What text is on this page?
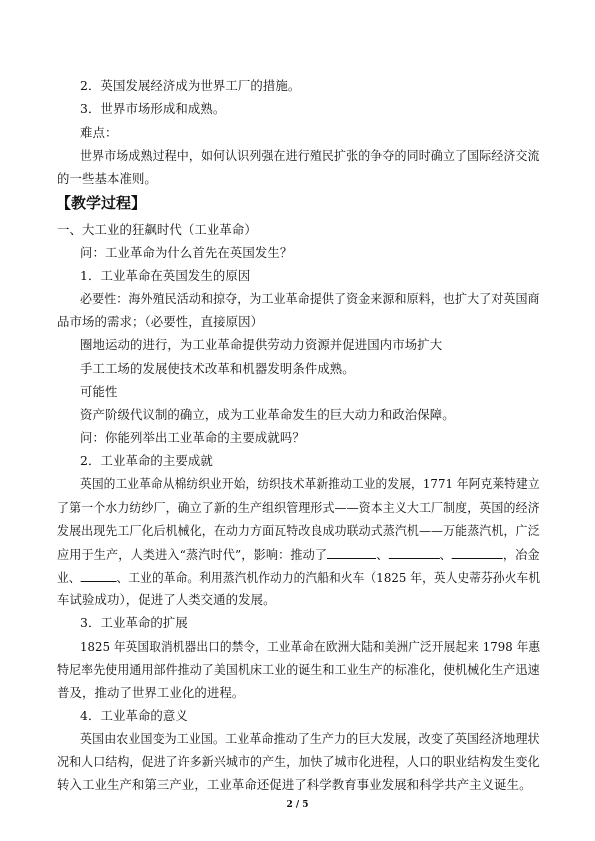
2．英国发展经济成为世界工厂的措施。
3．世界市场形成和成熟。
难点：
世界市场成熟过程中，如何认识列强在进行殖民扩张的争夺的同时确立了国际经济交流
的一些基本准则。
【教学过程】
一、大工业的狂飙时代（工业革命）
问：工业革命为什么首先在英国发生？
1．工业革命在英国发生的原因
必要性：海外殖民活动和掠夺，为工业革命提供了资金来源和原料，也扩大了对英国商
品市场的需求；（必要性，直接原因）
圈地运动的进行，为工业革命提供劳动力资源并促进国内市场扩大
手工工场的发展使技术改革和机器发明条件成熟。
可能性
资产阶级代议制的确立，成为工业革命发生的巨大动力和政治保障。
问：你能列举出工业革命的主要成就吗？
2．工业革命的主要成就
英国的工业革命从棉纺织业开始，纺织技术革新推动工业的发展，1771 年阿克莱特建立
了第一个水力纺纱厂，确立了新的生产组织管理形式——资本主义大工厂制度，英国的经济
发展出现先工厂化后机械化，在动力方面瓦特改良成功联动式蒸汽机——万能蒸汽机，广泛
应用于生产，人类进入“蒸汽时代”，影响：推动了	、	、	，冶金
业、	、工业的革命。利用蒸汽机作动力的汽船和火车（1825 年，英人史蒂芬孙火车机
车试验成功），促进了人类交通的发展。
3．工业革命的扩展
1825 年英国取消机器出口的禁令，工业革命在欧洲大陆和美洲广泛开展起来 1798 年惠
特尼率先使用通用部件推动了美国机床工业的诞生和工业生产的标准化，使机械化生产迅速
普及，推动了世界工业化的进程。
4．工业革命的意义
英国由农业国变为工业国。工业革命推动了生产力的巨大发展，改变了英国经济地理状
况和人口结构，促进了许多新兴城市的产生，加快了城市化进程，人口的职业结构发生变化
转入工业生产和第三产业，工业革命还促进了科学教育事业发展和科学共产主义诞生。
2 / 5
